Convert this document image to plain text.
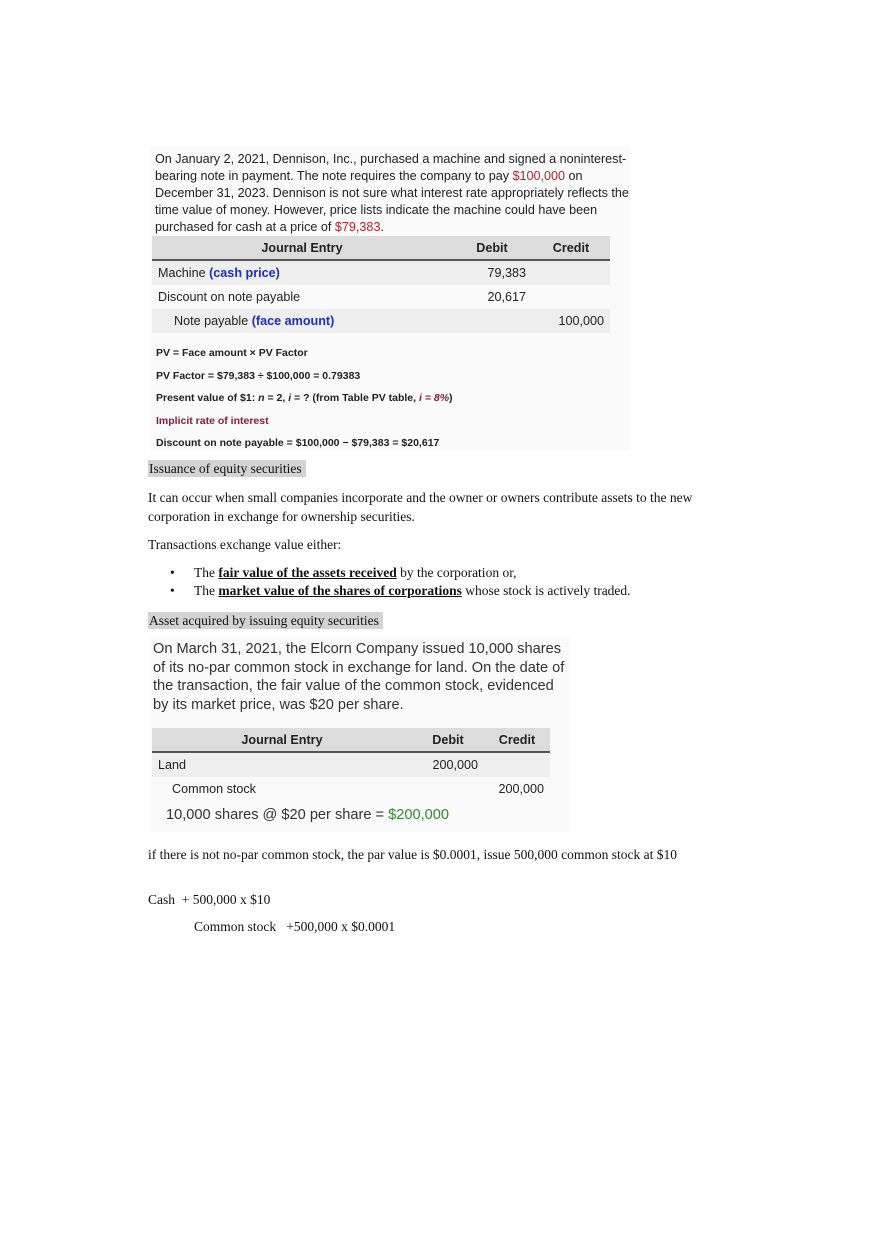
On January 2, 2021, Dennison, Inc., purchased a machine and signed a noninterest-bearing note in payment. The note requires the company to pay $100,000 on December 31, 2023. Dennison is not sure what interest rate appropriately reflects the time value of money. However, price lists indicate the machine could have been purchased for cash at a price of $79,383.
Journal Entry	Debit	Credit
Machine (cash price)	79,383	
Discount on note payable	20,617	
Note payable (face amount)		100,000
PV = Face amount × PV Factor
PV Factor = $79,383 ÷ $100,000 = 0.79383
Present value of $1: n = 2, i = ? (from Table PV table, i = 8%)
Implicit rate of interest
Discount on note payable = $100,000 − $79,383 = $20,617
Issuance of equity securities
It can occur when small companies incorporate and the owner or owners contribute assets to the new corporation in exchange for ownership securities.
Transactions exchange value either:
• The fair value of the assets received by the corporation or,
• The market value of the shares of corporations whose stock is actively traded.
Asset acquired by issuing equity securities
On March 31, 2021, the Elcorn Company issued 10,000 shares of its no-par common stock in exchange for land. On the date of the transaction, the fair value of the common stock, evidenced by its market price, was $20 per share.
Journal Entry	Debit	Credit
Land	200,000	
Common stock		200,000
10,000 shares @ $20 per share = $200,000
if there is not no-par common stock, the par value is $0.0001, issue 500,000 common stock at $10
Cash  + 500,000 x $10
Common stock   +500,000 x $0.0001
